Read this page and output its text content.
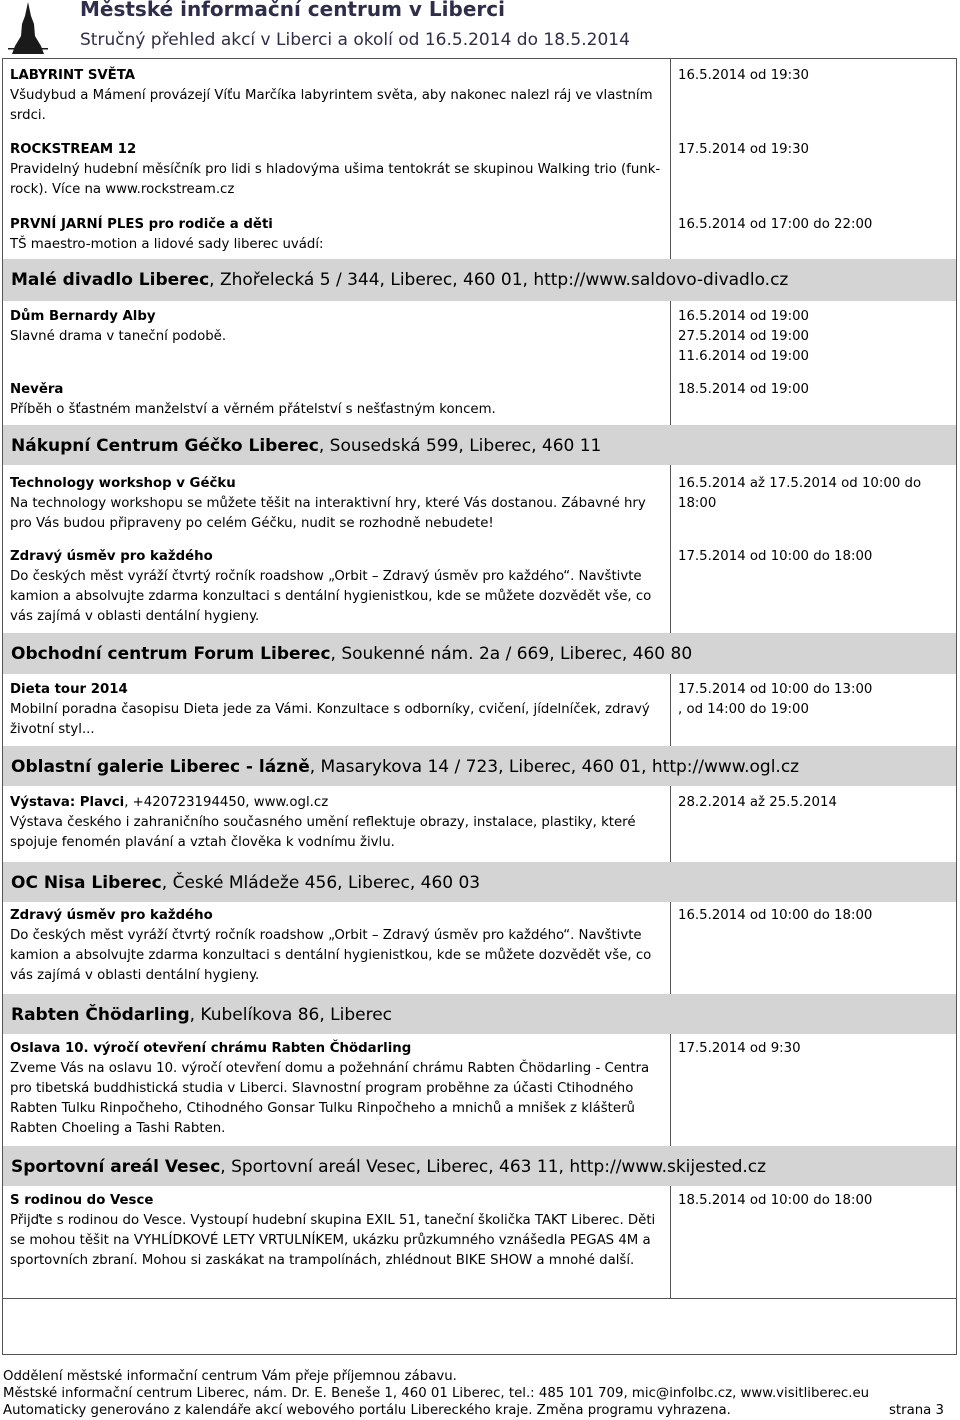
Městské informační centrum v Liberci
Stručný přehled akcí v Liberci a okolí od 16.5.2014 do 18.5.2014
LABYRINT SVĚTA
Všudybud a Mámení provázejí Víťu Marčíka labyrintem světa, aby nakonec nalezl ráj ve vlastním srdci.
16.5.2014 od 19:30
ROCKSTREAM 12
Pravidelný hudební měsíčník pro lidi s hladovýma ušima tentokrát se skupinou Walking trio (funk-rock). Více na www.rockstream.cz
17.5.2014 od 19:30
PRVNÍ JARNÍ PLES pro rodiče a děti
TŠ maestro-motion a lidové sady liberec uvádí:
16.5.2014 od 17:00 do 22:00
Malé divadlo Liberec, Zhořelecká 5 / 344, Liberec, 460 01, http://www.saldovo-divadlo.cz
Dům Bernardy Alby
Slavné drama v taneční podobě.
16.5.2014 od 19:00
27.5.2014 od 19:00
11.6.2014 od 19:00
Nevěra
Příběh o šťastném manželství a věrném přátelství s nešťastným koncem.
18.5.2014 od 19:00
Nákupní Centrum Géčko Liberec, Sousedská 599, Liberec, 460 11
Technology workshop v Géčku
Na technology workshopu se můžete těšit na interaktivní hry, které Vás dostanou. Zábavné hry pro Vás budou připraveny po celém Géčku, nudit se rozhodně nebudete!
16.5.2014 až 17.5.2014 od 10:00 do 18:00
Zdravý úsměv pro každého
Do českých měst vyráží čtvrtý ročník roadshow „Orbit – Zdravý úsměv pro každého“. Navštivte kamion a absolvujte zdarma konzultaci s dentální hygienistkou, kde se můžete dozvědět vše, co vás zajímá v oblasti dentální hygieny.
17.5.2014 od 10:00 do 18:00
Obchodní centrum Forum Liberec, Soukenné nám. 2a / 669, Liberec, 460 80
Dieta tour 2014
Mobilní poradna časopisu Dieta jede za Vámi. Konzultace s odborníky, cvičení, jídelníček, zdravý životní styl...
17.5.2014 od 10:00 do 13:00
, od 14:00 do 19:00
Oblastní galerie Liberec - lázně, Masarykova 14 / 723, Liberec, 460 01, http://www.ogl.cz
Výstava: Plavci, +420723194450, www.ogl.cz
Výstava českého i zahraničního současného umění reflektuje obrazy, instalace, plastiky, které spojuje fenomén plavání a vztah člověka k vodnímu živlu.
28.2.2014 až 25.5.2014
OC Nisa Liberec, České Mládeže 456, Liberec, 460 03
Zdravý úsměv pro každého
Do českých měst vyráží čtvrtý ročník roadshow „Orbit – Zdravý úsměv pro každého“. Navštivte kamion a absolvujte zdarma konzultaci s dentální hygienistkou, kde se můžete dozvědět vše, co vás zajímá v oblasti dentální hygieny.
16.5.2014 od 10:00 do 18:00
Rabten Čhödarling, Kubelíkova 86, Liberec
Oslava 10. výročí otevření chrámu Rabten Čhödarling
Zveme Vás na oslavu 10. výročí otevření domu a požehnání chrámu Rabten Čhödarling - Centra pro tibetská buddhistická studia v Liberci. Slavnostní program proběhne za účasti Ctihodného Rabten Tulku Rinpočheho, Ctihodného Gonsar Tulku Rinpočheho a mnichů a mnišek z klášterů Rabten Choeling a Tashi Rabten.
17.5.2014 od 9:30
Sportovní areál Vesec, Sportovní areál Vesec, Liberec, 463 11, http://www.skijested.cz
S rodinou do Vesce
Přijďte s rodinou do Vesce. Vystoupí hudební skupina EXIL 51, taneční školička TAKT Liberec. Děti se mohou těšit na VYHLÍDKOVÉ LETY VRTULNÍKEM, ukázku průzkumného vznášedla PEGAS 4M a sportovních zbraní. Mohou si zaskákat na trampolínách, zhlédnout BIKE SHOW a mnohé další.
18.5.2014 od 10:00 do 18:00
Oddělení městské informační centrum Vám přeje příjemnou zábavu.
Městské informační centrum Liberec, nám. Dr. E. Beneše 1, 460 01 Liberec, tel.: 485 101 709, mic@infolbc.cz, www.visitliberec.eu
Automaticky generováno z kalendáře akcí webového portálu Libereckého kraje. Změna programu vyhrazena.	strana 3
